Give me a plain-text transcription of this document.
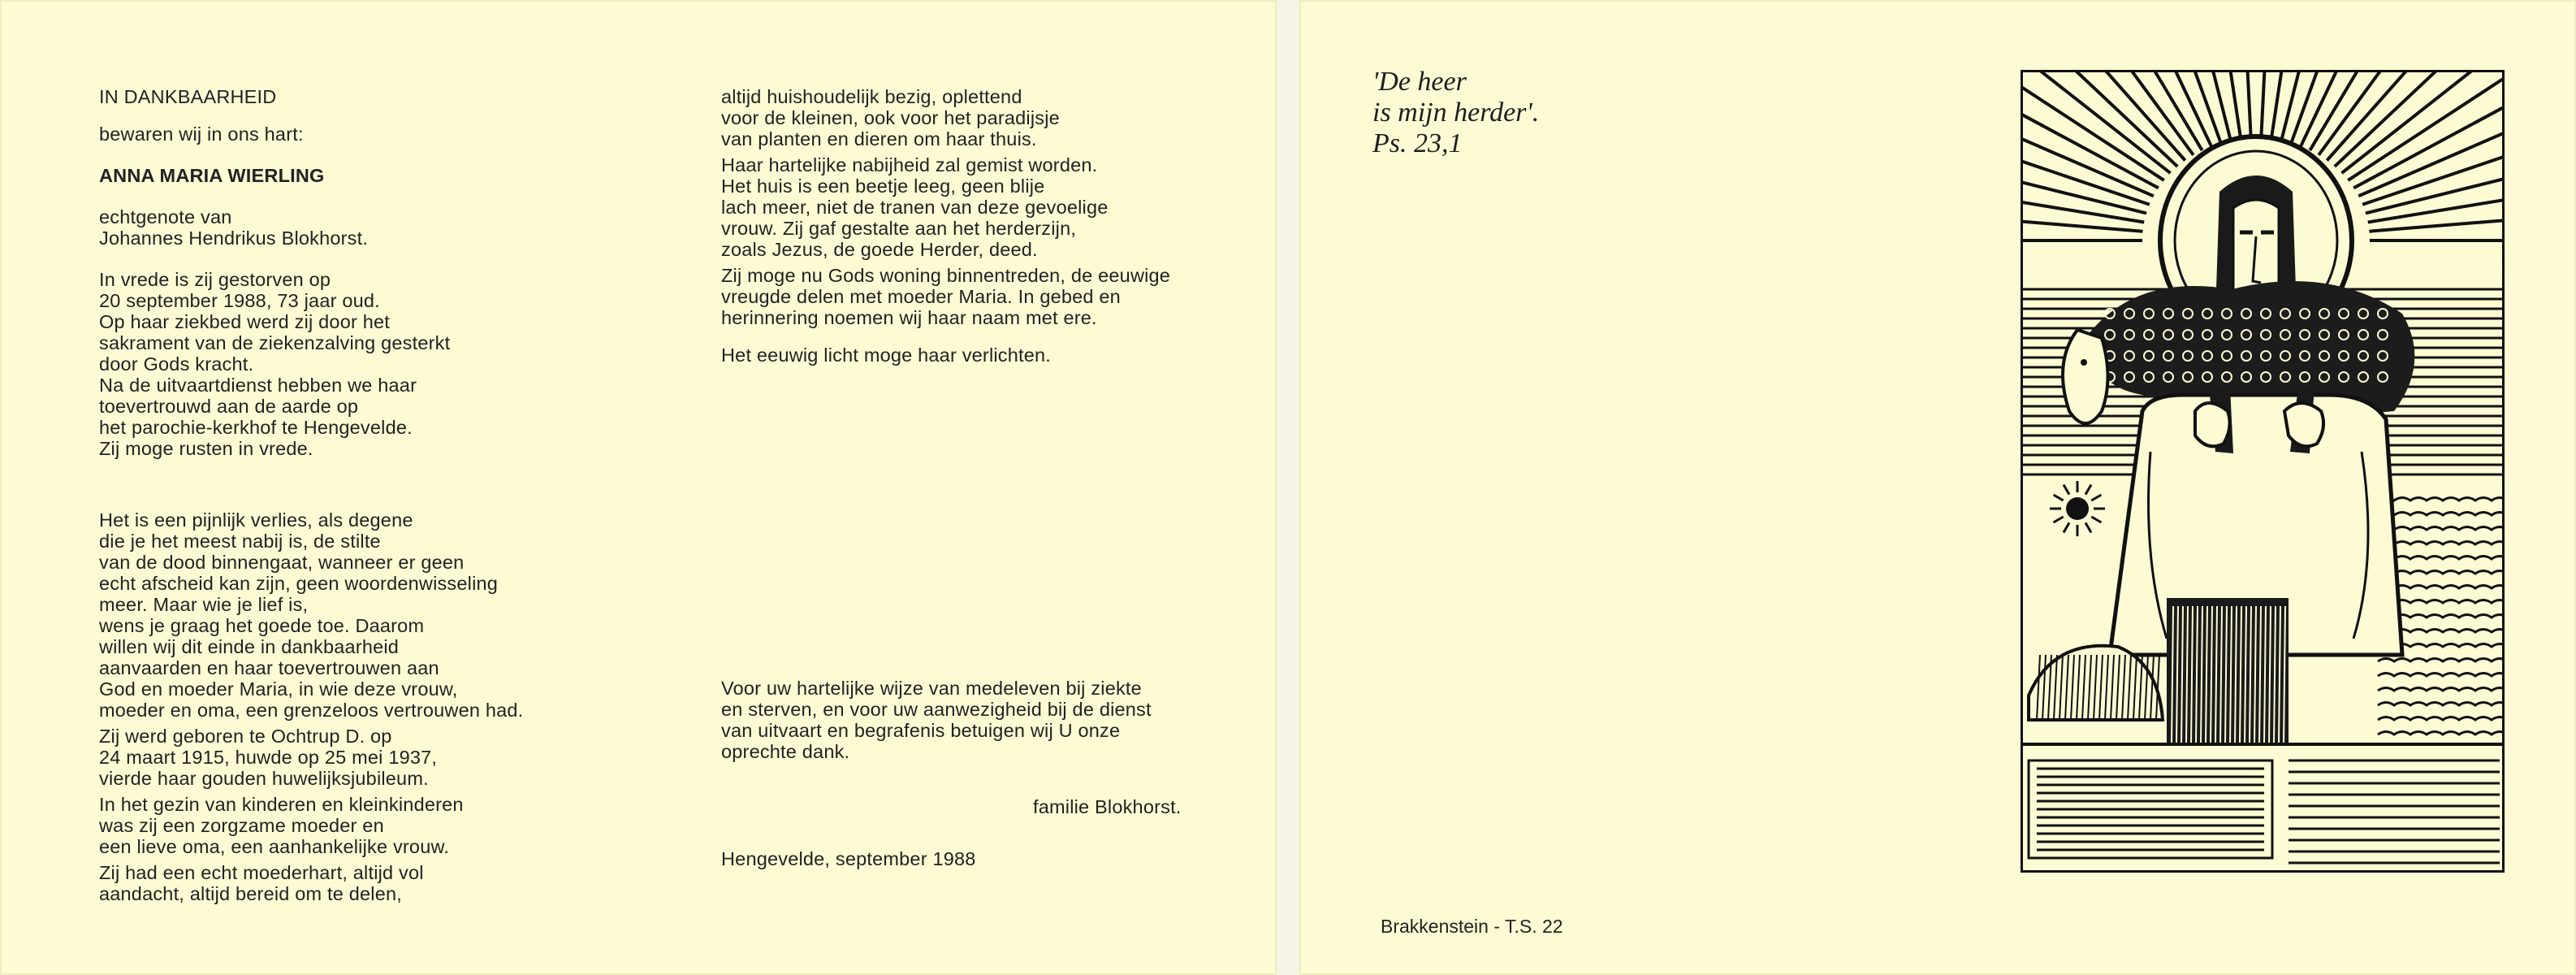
IN DANKBAARHEID
bewaren wij in ons hart:
ANNA MARIA WIERLING
echtgenote van
Johannes Hendrikus Blokhorst.
In vrede is zij gestorven op
20 september 1988, 73 jaar oud.
Op haar ziekbed werd zij door het
sakrament van de ziekenzalving gesterkt
door Gods kracht.
Na de uitvaartdienst hebben we haar
toevertrouwd aan de aarde op
het parochie-kerkhof te Hengevelde.
Zij moge rusten in vrede.
Het is een pijnlijk verlies, als degene
die je het meest nabij is, de stilte
van de dood binnengaat, wanneer er geen
echt afscheid kan zijn, geen woordenwisseling
meer. Maar wie je lief is,
wens je graag het goede toe. Daarom
willen wij dit einde in dankbaarheid
aanvaarden en haar toevertrouwen aan
God en moeder Maria, in wie deze vrouw,
moeder en oma, een grenzeloos vertrouwen had.
Zij werd geboren te Ochtrup D. op
24 maart 1915, huwde op 25 mei 1937,
vierde haar gouden huwelijksjubileum.
In het gezin van kinderen en kleinkinderen
was zij een zorgzame moeder en
een lieve oma, een aanhankelijke vrouw.
Zij had een echt moederhart, altijd vol
aandacht, altijd bereid om te delen,
altijd huishoudelijk bezig, oplettend
voor de kleinen, ook voor het paradijsje
van planten en dieren om haar thuis.
Haar hartelijke nabijheid zal gemist worden.
Het huis is een beetje leeg, geen blije
lach meer, niet de tranen van deze gevoelige
vrouw. Zij gaf gestalte aan het herderzijn,
zoals Jezus, de goede Herder, deed.
Zij moge nu Gods woning binnentreden, de eeuwige
vreugde delen met moeder Maria. In gebed en
herinnering noemen wij haar naam met ere.
Het eeuwig licht moge haar verlichten.
Voor uw hartelijke wijze van medeleven bij ziekte
en sterven, en voor uw aanwezigheid bij de dienst
van uitvaart en begrafenis betuigen wij U onze
oprechte dank.
familie Blokhorst.
Hengevelde, september 1988
'De heer
is mijn herder'.
Ps. 23,1
Brakkenstein - T.S. 22
